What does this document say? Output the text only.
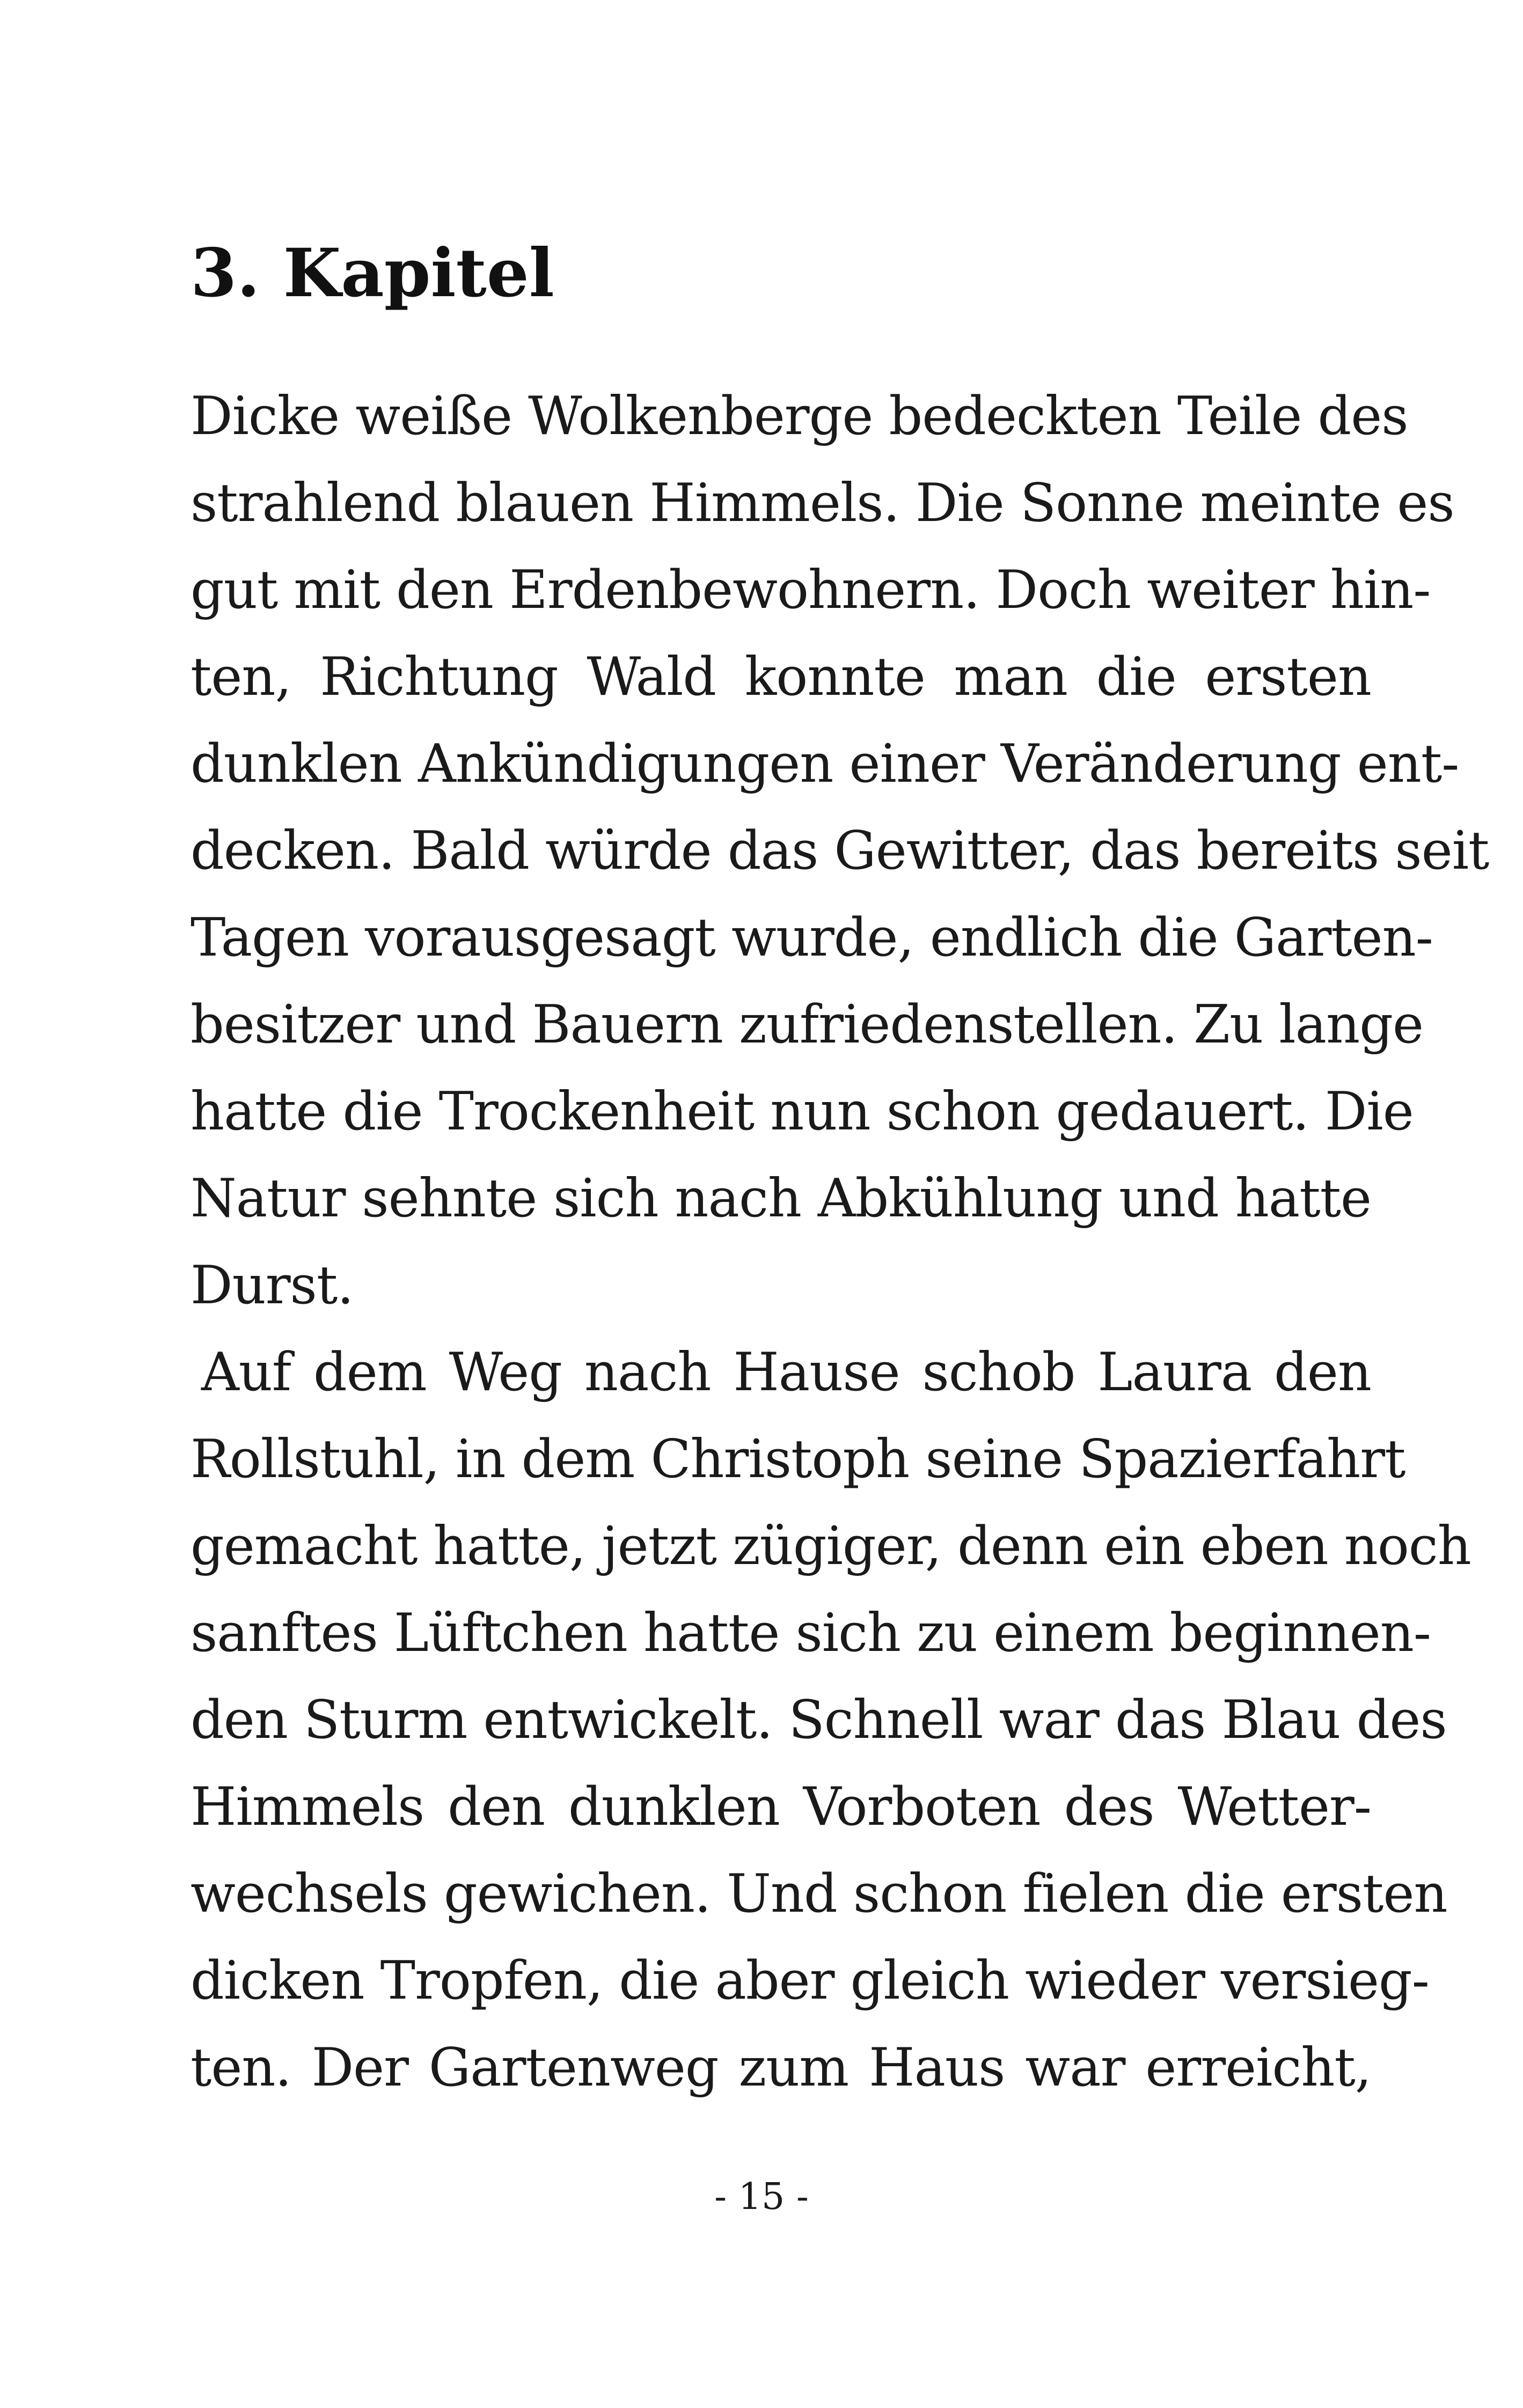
3. Kapitel
Dicke weiße Wolkenberge bedeckten Teile des
strahlend blauen Himmels. Die Sonne meinte es
gut mit den Erdenbewohnern. Doch weiter hin-
ten, Richtung Wald konnte man die ersten
dunklen Ankündigungen einer Veränderung ent-
decken. Bald würde das Gewitter, das bereits seit
Tagen vorausgesagt wurde, endlich die Garten-
besitzer und Bauern zufriedenstellen. Zu lange
hatte die Trockenheit nun schon gedauert. Die
Natur sehnte sich nach Abkühlung und hatte
Durst.
Auf dem Weg nach Hause schob Laura den
Rollstuhl, in dem Christoph seine Spazierfahrt
gemacht hatte, jetzt zügiger, denn ein eben noch
sanftes Lüftchen hatte sich zu einem beginnen-
den Sturm entwickelt. Schnell war das Blau des
Himmels den dunklen Vorboten des Wetter-
wechsels gewichen. Und schon fielen die ersten
dicken Tropfen, die aber gleich wieder versieg-
ten. Der Gartenweg zum Haus war erreicht,
- 15 -
